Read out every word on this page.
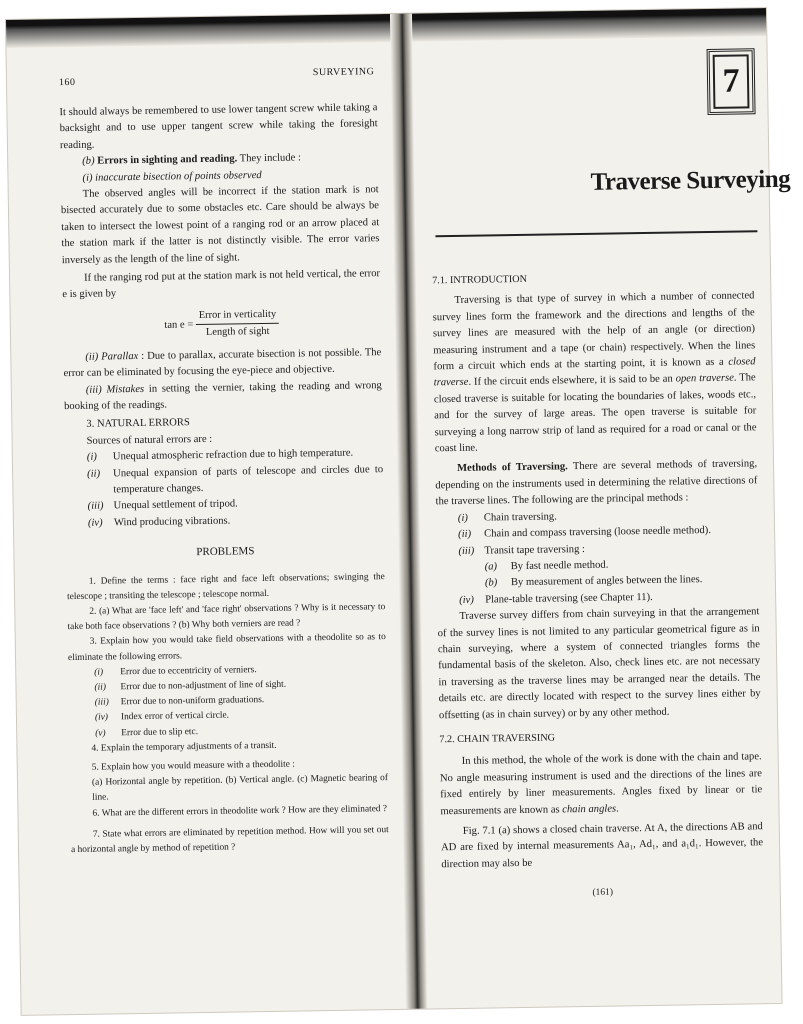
160
SURVEYING
It should always be remembered to use lower tangent screw while taking a backsight and to use upper tangent screw while taking the foresight reading.
(b) Errors in sighting and reading. They include :
(i) inaccurate bisection of points observed
The observed angles will be incorrect if the station mark is not bisected accurately due to some obstacles etc. Care should be always be taken to intersect the lowest point of a ranging rod or an arrow placed at the station mark if the latter is not distinctly visible. The error varies inversely as the length of the line of sight.
If the ranging rod put at the station mark is not held vertical, the error e is given by
$\tan e = \frac{\text{Error in verticality}}{\text{Length of sight}}$
(ii) Parallax : Due to parallax, accurate bisection is not possible. The error can be eliminated by focusing the eye-piece and objective.
(iii) Mistakes in setting the vernier, taking the reading and wrong booking of the readings.
3. NATURAL ERRORS
Sources of natural errors are :
(i)	Unequal atmospheric refraction due to high temperature.
(ii)	Unequal expansion of parts of telescope and circles due to temperature changes.
(iii) Unequal settlement of tripod.
(iv)	Wind producing vibrations.
PROBLEMS
1. Define the terms : face right and face left observations; swinging the telescope ; transiting the telescope ; telescope normal.
2. (a) What are 'face left' and 'face right' observations ? Why is it necessary to take both face observations ? (b) Why both verniers are read ?
3. Explain how you would take field observations with a theodolite so as to eliminate the following errors.
(i)	Error due to eccentricity of verniers.
(ii)	Error due to non-adjustment of line of sight.
(iii)	Error due to non-uniform graduations.
(iv)	Index error of vertical circle.
(v)	Error due to slip etc.
4. Explain the temporary adjustments of a transit.
5. Explain how you would measure with a theodolite :
(a) Horizontal angle by repetition. (b) Vertical angle. (c) Magnetic bearing of line.
6. What are the different errors in theodolite work ? How are they eliminated ?
7. State what errors are eliminated by repetition method. How will you set out a horizontal angle by method of repetition ?
7
Traverse Surveying
7.1. INTRODUCTION
Traversing is that type of survey in which a number of connected survey lines form the framework and the directions and lengths of the survey lines are measured with the help of an angle (or direction) measuring instrument and a tape (or chain) respectively. When the lines form a circuit which ends at the starting point, it is known as a closed traverse. If the circuit ends elsewhere, it is said to be an open traverse. The closed traverse is suitable for locating the boundaries of lakes, woods etc., and for the survey of large areas. The open traverse is suitable for surveying a long narrow strip of land as required for a road or canal or the coast line.
Methods of Traversing. There are several methods of traversing, depending on the instruments used in determining the relative directions of the traverse lines. The following are the principal methods :
(i)	Chain traversing.
(ii)	Chain and compass traversing (loose needle method).
(iii) Transit tape traversing :
(a)	By fast needle method.
(b)	By measurement of angles between the lines.
(iv)	Plane-table traversing (see Chapter 11).
Traverse survey differs from chain surveying in that the arrangement of the survey lines is not limited to any particular geometrical figure as in chain surveying, where a system of connected triangles forms the fundamental basis of the skeleton. Also, check lines etc. are not necessary in traversing as the traverse lines may be arranged near the details. The details etc. are directly located with respect to the survey lines either by offsetting (as in chain survey) or by any other method.
7.2. CHAIN TRAVERSING
In this method, the whole of the work is done with the chain and tape. No angle measuring instrument is used and the directions of the lines are fixed entirely by liner measurements. Angles fixed by linear or tie measurements are known as chain angles.
Fig. 7.1 (a) shows a closed chain traverse. At A, the directions AB and AD are fixed by internal measurements Aa₁, Ad₁, and a₁d₁. However, the direction may also be
(161)
